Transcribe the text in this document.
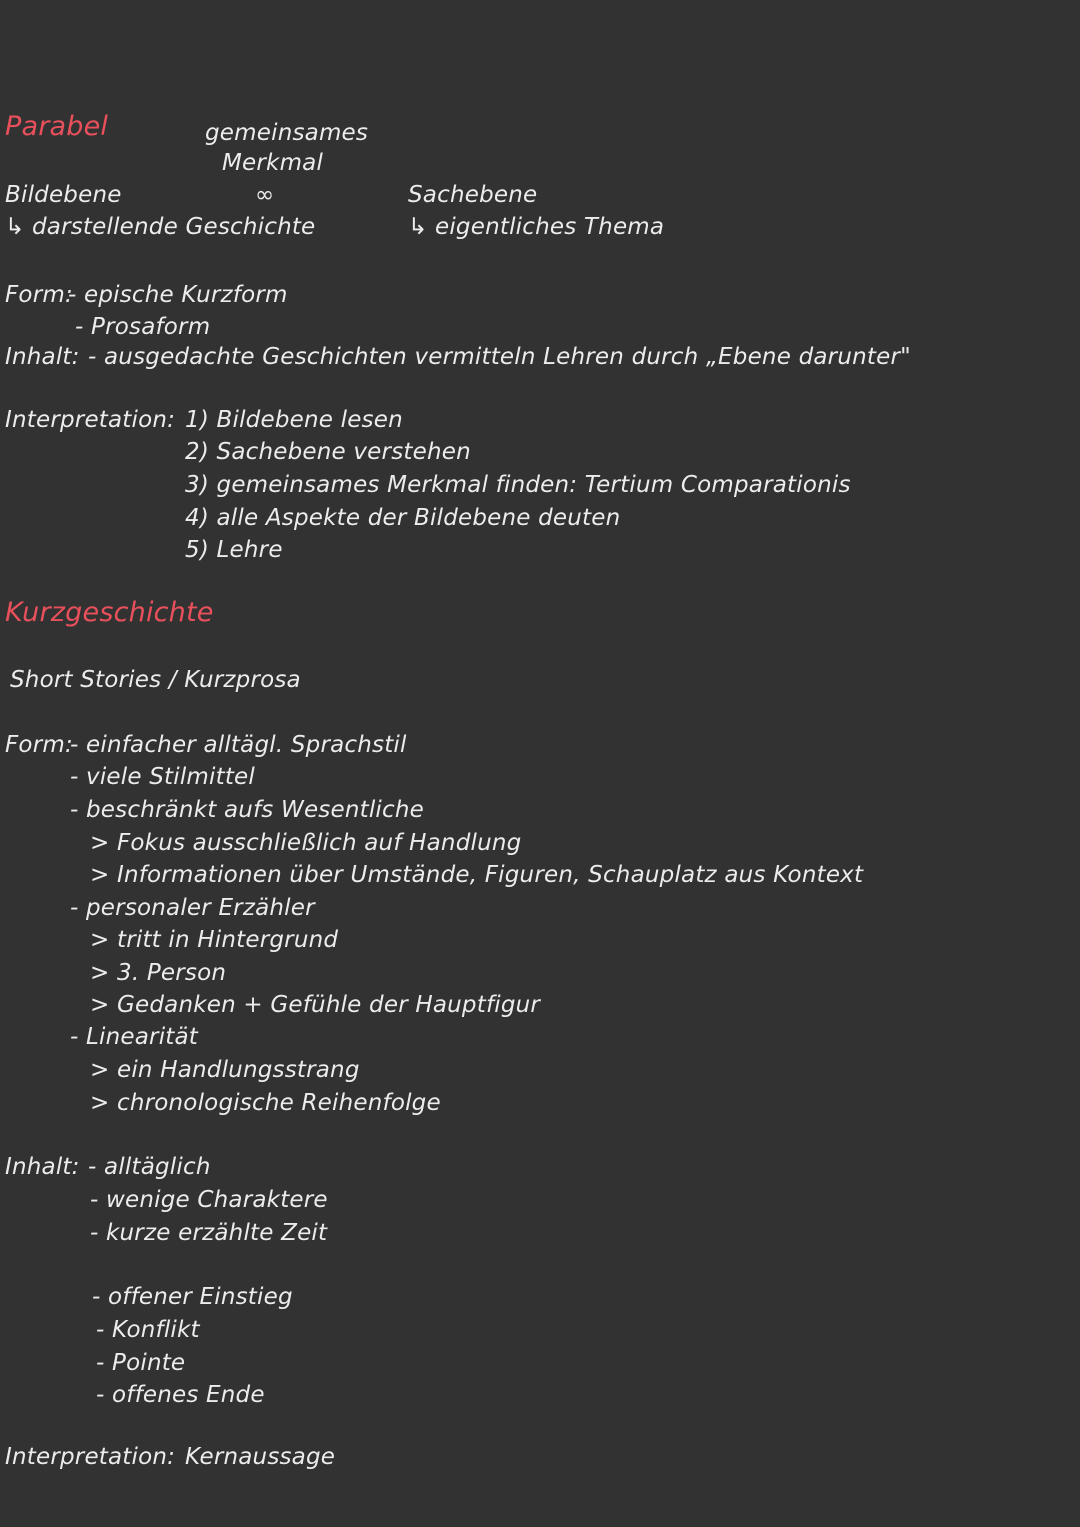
Parabel	gemeinsames
Merkmal
∞
Bildebene
↳ darstellende Geschichte
Sachebene
↳ eigentliches Thema
Form:
- epische Kurzform
- Prosaform
Inhalt: - ausgedachte Geschichten vermitteln Lehren durch „Ebene darunter"
Interpretation: 1) Bildebene lesen
2) Sachebene verstehen
3) gemeinsames Merkmal finden: Tertium Comparationis
4) alle Aspekte der Bildebene deuten
5) Lehre
Kurzgeschichte
Short Stories / Kurzprosa
Form:
Inhalt:
Interpretation: Kernaussage
- einfacher alltägl. Sprachstil
- viele Stilmittel
- beschränkt aufs Wesentliche
> Fokus ausschließlich auf Handlung
> Informationen über Umstände, Figuren, Schauplatz aus Kontext
- personaler Erzähler
> tritt in Hintergrund
> 3. Person
> Gedanken + Gefühle der Hauptfigur
- Linearität
> ein Handlungsstrang
> chronologische Reihenfolge
- alltäglich
- wenige Charaktere
- kurze erzählte Zeit
- offener Einstieg
- Konflikt
- Pointe
- offenes Ende
